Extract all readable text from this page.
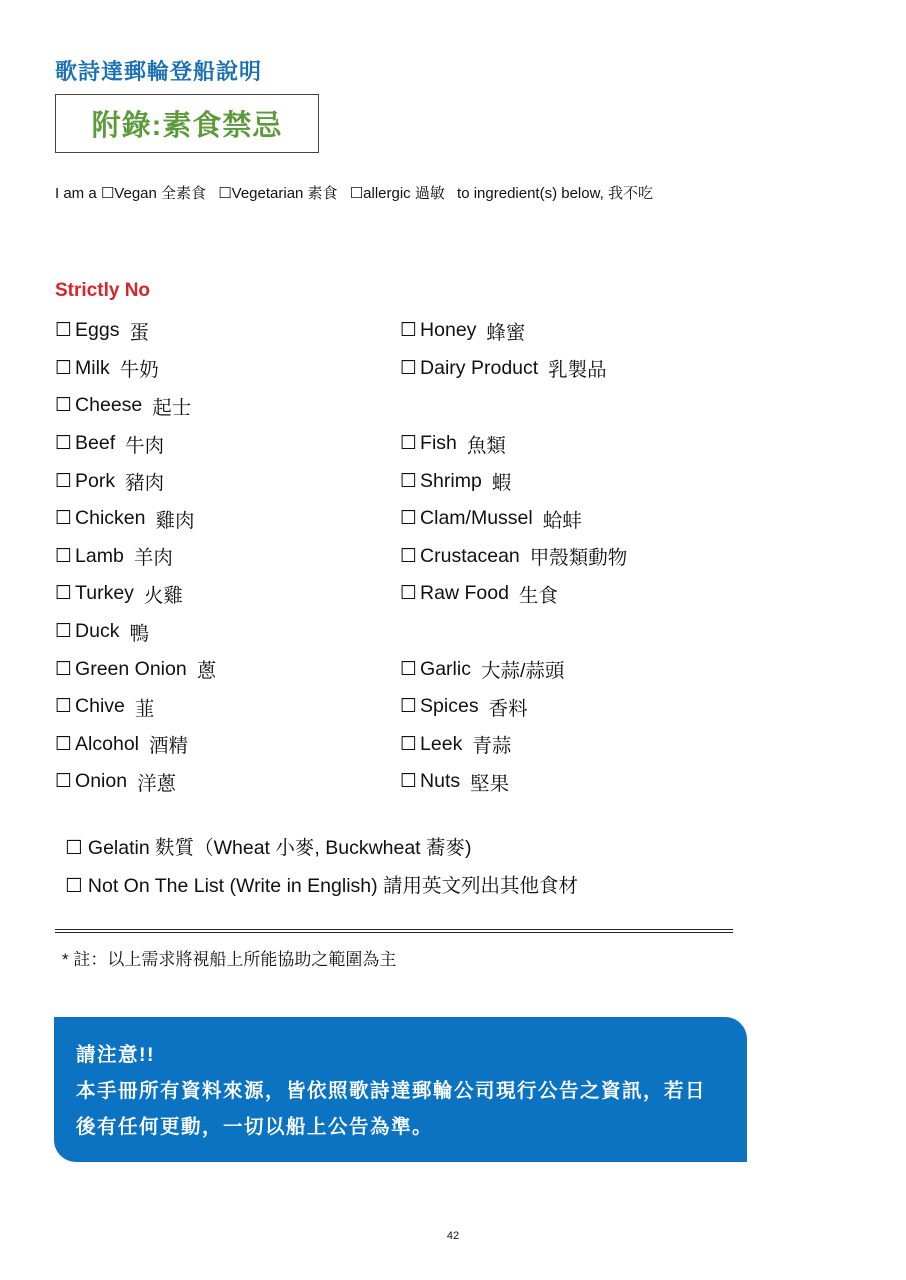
歌詩達郵輪登船說明
附錄:素食禁忌
I am a ☐Vegan 全素食 ☐Vegetarian 素食 ☐allergic 過敏 to ingredient(s) below, 我不吃
Strictly No
☐ Eggs 蛋
☐ Milk 牛奶
☐ Cheese 起士
☐ Beef 牛肉
☐ Pork 豬肉
☐ Chicken 雞肉
☐ Lamb 羊肉
☐ Turkey 火雞
☐ Duck 鴨
☐ Green Onion 蔥
☐ Chive 韮
☐ Alcohol 酒精
☐ Onion 洋蔥
☐ Honey 蜂蜜
☐ Dairy Product 乳製品
☐ Fish 魚類
☐ Shrimp 蝦
☐ Clam/Mussel 蛤蚌
☐ Crustacean 甲殼類動物
☐ Raw Food 生食
☐ Garlic 大蒜/蒜頭
☐ Spices 香料
☐ Leek 青蒜
☐ Nuts 堅果
☐ Gelatin 麩質（Wheat 小麥, Buckwheat 蕎麥)
☐ Not On The List (Write in English) 請用英文列出其他食材
* 註：以上需求將視船上所能協助之範圍為主
請注意!!
本手冊所有資料來源，皆依照歌詩達郵輪公司現行公告之資訊，若日後有任何更動，一切以船上公告為準。
42
